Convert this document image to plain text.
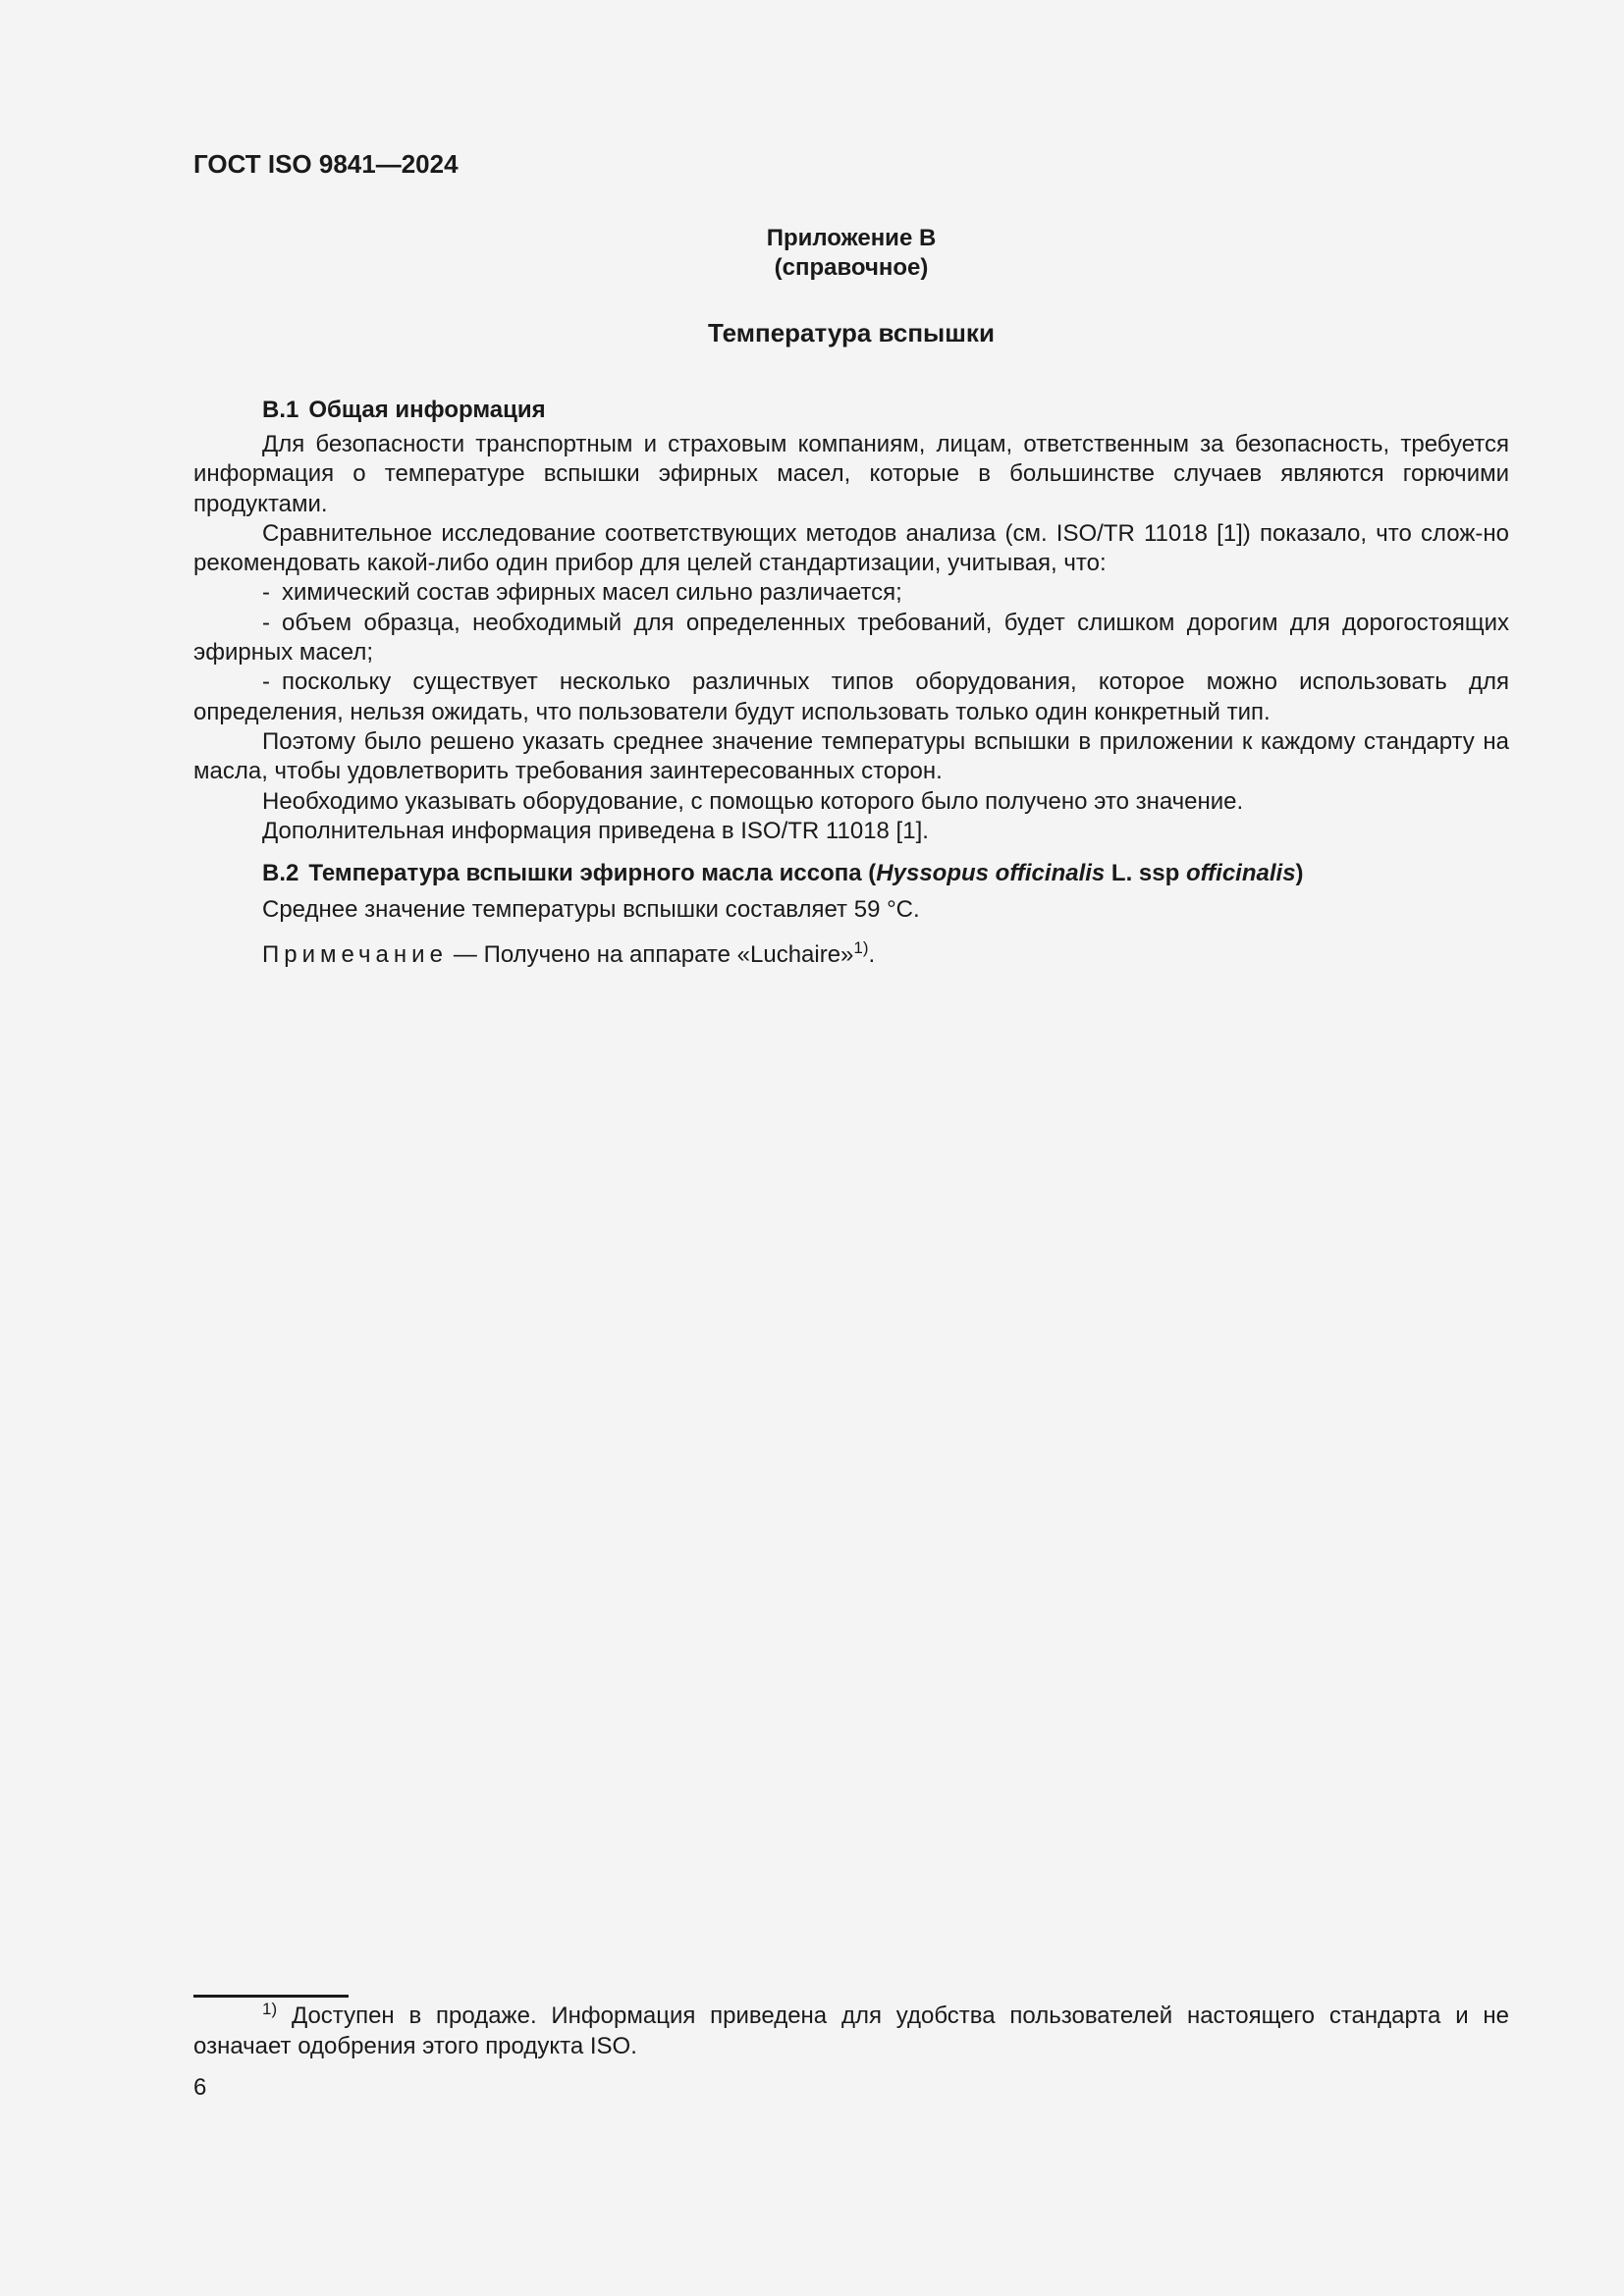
ГОСТ ISO 9841—2024
Приложение В
(справочное)
Температура вспышки
В.1 Общая информация

Для безопасности транспортным и страховым компаниям, лицам, ответственным за безопасность, требуется информация о температуре вспышки эфирных масел, которые в большинстве случаев являются горючими продуктами.

Сравнительное исследование соответствующих методов анализа (см. ISO/TR 11018 [1]) показало, что слож-но рекомендовать какой-либо один прибор для целей стандартизации, учитывая, что:

- химический состав эфирных масел сильно различается;

- объем образца, необходимый для определенных требований, будет слишком дорогим для дорогостоящих эфирных масел;

- поскольку существует несколько различных типов оборудования, которое можно использовать для определения, нельзя ожидать, что пользователи будут использовать только один конкретный тип.

Поэтому было решено указать среднее значение температуры вспышки в приложении к каждому стандарту на масла, чтобы удовлетворить требования заинтересованных сторон.

Необходимо указывать оборудование, с помощью которого было получено это значение.

Дополнительная информация приведена в ISO/TR 11018 [1].

В.2 Температура вспышки эфирного масла иссопа (Hyssopus officinalis L. ssp officinalis)
Среднее значение температуры вспышки составляет 59 °C.
Примечание — Получено на аппарате «Luchaire»$^{1)}$.

$^{1)}$ Доступен в продаже. Информация приведена для удобства пользователей настоящего стандарта и не означает одобрения этого продукта ISO.

6
